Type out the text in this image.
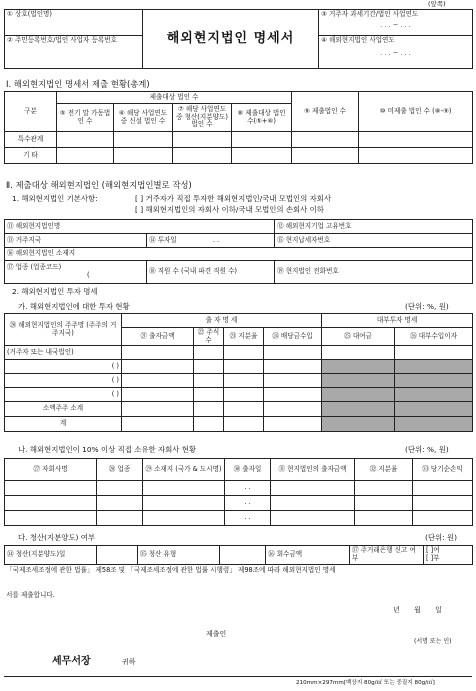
(앞쪽)
① 상호(법인명)	해외현지법인 명세서	③ 거주자 과세기간/법인 사업연도
. . . ~ . . .

② 주민등록번호/법인 사업자 등록번호		④ 해외현지법인 사업연도
. . . ~ . . .
Ⅰ. 해외현지법인 명세서 제출 현황(총계)
구분	제출대상 법인 수				⑨ 제출법인 수	⑩ 미제출 법인 수 (⑧-⑨)
	⑤ 전기 말 가동법인 수	⑥ 해당 사업연도 중 신설 법인 수	⑦ 해당 사업연도 중 청산(지분양도) 법인 수	⑧ 제출대상 법인 수(⑤+⑥)		
특수관계						
기 타						
Ⅱ. 제출대상 해외현지법인 (해외현지법인별로 작성)
1. 해외현지법인 기본사항:	[ ] 거주자가 직접 투자한 해외현지법인/국내 모법인의 자회사
[ ] 해외현지법인의 자회사 이하/국내 모법인의 손회사 이하
⑪ 해외현지법인명		⑫ 해외현지기업 고유번호
⑬ 거주지국	⑭ 투자일 . .	⑮ 현지납세자번호
⑯ 해외현지법인 소재지		

⑰ 업종 (업종코드)
(	⑱ 직원 수 (국내 파견 직원 수)	⑲ 현지법인 전화번호
2. 해외현지법인 투자 명세
가. 해외현지법인에 대한 투자 현황	(단위: %, 원)
⑳ 해외현지법인의 주주명 (주주의 거주지국)	출 자 명 세				대부투자 명세	
	㉑ 출자금액	㉒ 주식 수	㉓ 지분율	㉔ 배당금수입	㉕ 대여금	㉖ 대부수입이자
(거주자 또는 내국법인)						
( )						
( )						
( )						
소액주주 소계						
계						
나. 해외현지법인이 10% 이상 직접 소유한 자회사 현황	(단위: %, 원)
㉗ 자회사명	㉘ 업종	㉙ 소재지 (국가 & 도시명)	㉚ 출자일	㉛ 현지법인의 출자금액	㉜ 지분율	㉝ 당기순손익
			. .			
			. .			
			. .			
다. 청산(지분양도) 여부	(단위: 원)
㉞ 청산(지분양도)일		㉟ 청산 유형		㊱ 회수금액	㊲ 주거래은행 신고 여부	
[ ]여
[ ]부
「국제조세조정에 관한 법률」 제58조 및 「국제조세조정에 관한 법률 시행령」 제98조에 따라 해외현지법인 명세
서를 제출합니다.
년 월 일
제출인
(서명 또는 인)
세무서장	귀하
210mm×297mm[백상지 80g/㎡ 또는 중질지 80g/㎡]
